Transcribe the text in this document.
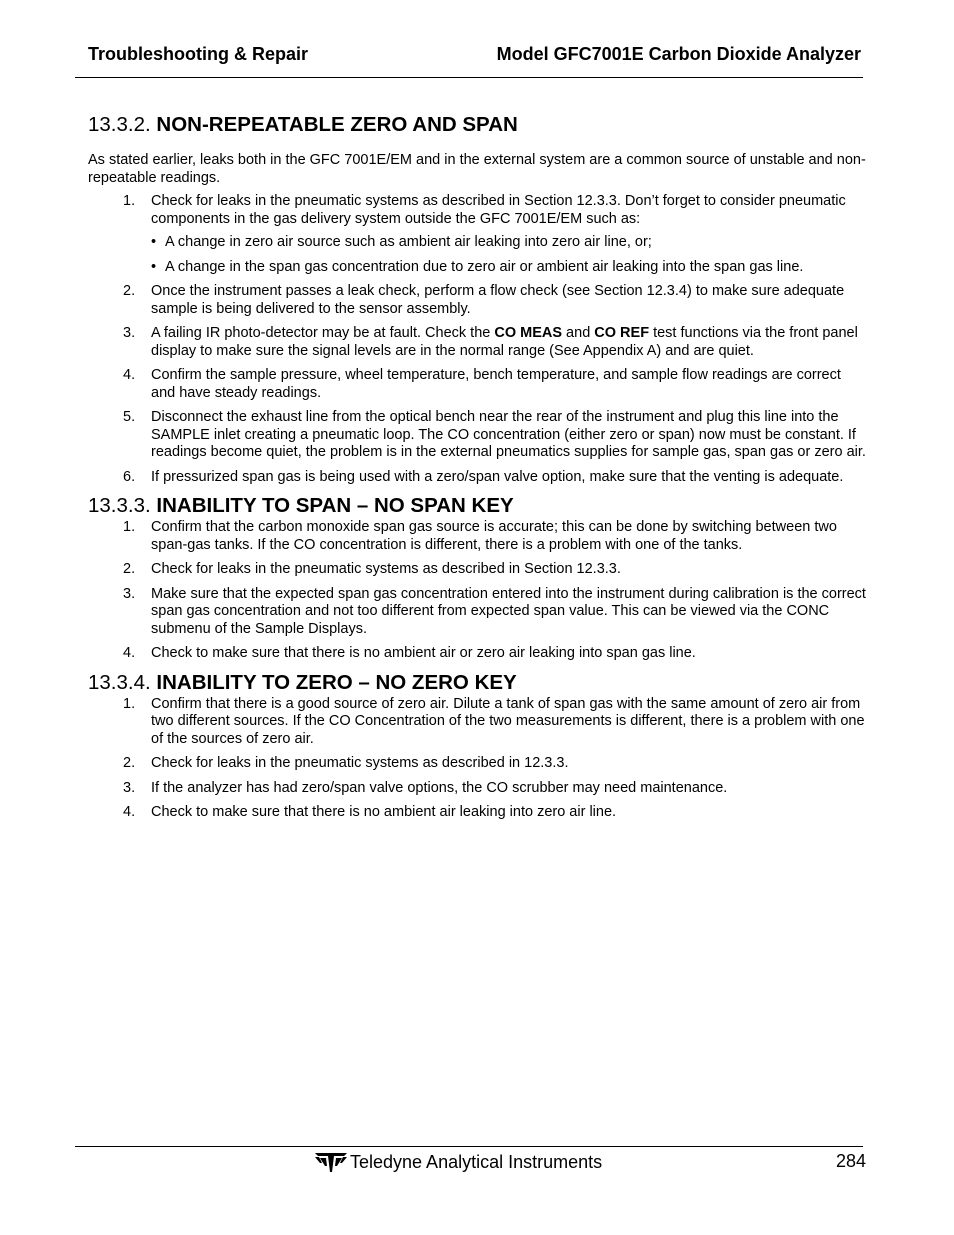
Troubleshooting & Repair	Model GFC7001E Carbon Dioxide Analyzer
13.3.2. NON-REPEATABLE ZERO AND SPAN

As stated earlier, leaks both in the GFC 7001E/EM and in the external system are a common source of unstable and non-repeatable readings.

1. Check for leaks in the pneumatic systems as described in Section 12.3.3. Don’t forget to consider pneumatic components in the gas delivery system outside the GFC 7001E/EM such as:
• A change in zero air source such as ambient air leaking into zero air line, or;
• A change in the span gas concentration due to zero air or ambient air leaking into the span gas line.
2. Once the instrument passes a leak check, perform a flow check (see Section 12.3.4) to make sure adequate sample is being delivered to the sensor assembly.
3. A failing IR photo-detector may be at fault. Check the CO MEAS and CO REF test functions via the front panel display to make sure the signal levels are in the normal range (See Appendix A) and are quiet.
4. Confirm the sample pressure, wheel temperature, bench temperature, and sample flow readings are correct and have steady readings.
5. Disconnect the exhaust line from the optical bench near the rear of the instrument and plug this line into the SAMPLE inlet creating a pneumatic loop. The CO concentration (either zero or span) now must be constant. If readings become quiet, the problem is in the external pneumatics supplies for sample gas, span gas or zero air.
6. If pressurized span gas is being used with a zero/span valve option, make sure that the venting is adequate.
13.3.3. INABILITY TO SPAN – NO SPAN KEY
1. Confirm that the carbon monoxide span gas source is accurate; this can be done by switching between two span-gas tanks. If the CO concentration is different, there is a problem with one of the tanks.
2. Check for leaks in the pneumatic systems as described in Section 12.3.3.
3. Make sure that the expected span gas concentration entered into the instrument during calibration is the correct span gas concentration and not too different from expected span value. This can be viewed via the CONC submenu of the Sample Displays.
4. Check to make sure that there is no ambient air or zero air leaking into span gas line.
13.3.4. INABILITY TO ZERO – NO ZERO KEY
1. Confirm that there is a good source of zero air. Dilute a tank of span gas with the same amount of zero air from two different sources. If the CO Concentration of the two measurements is different, there is a problem with one of the sources of zero air.
2. Check for leaks in the pneumatic systems as described in 12.3.3.
3. If the analyzer has had zero/span valve options, the CO scrubber may need maintenance.
4. Check to make sure that there is no ambient air leaking into zero air line.
Teledyne Analytical Instruments	284
